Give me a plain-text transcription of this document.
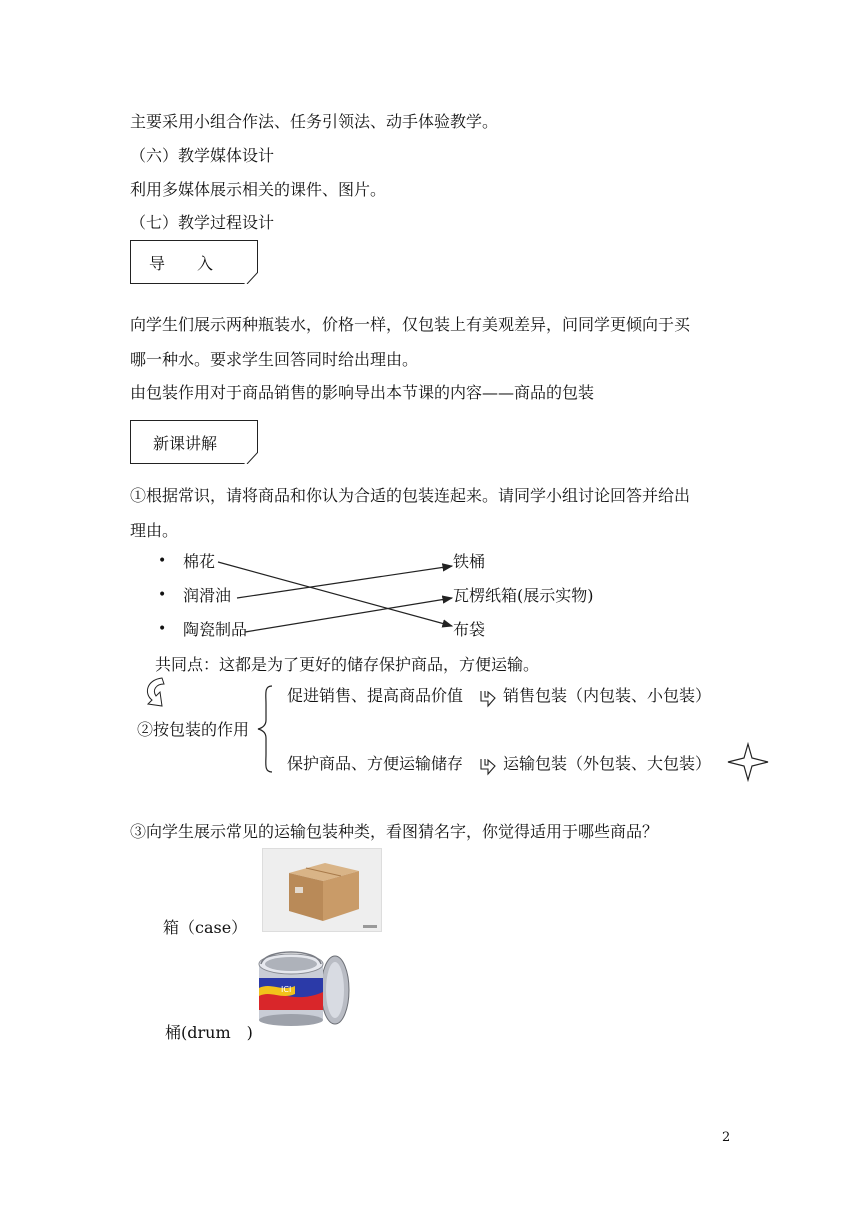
主要采用小组合作法、任务引领法、动手体验教学。
（六）教学媒体设计
利用多媒体展示相关的课件、图片。
（七）教学过程设计
导　　入
向学生们展示两种瓶装水，价格一样，仅包装上有美观差异，问同学更倾向于买
哪一种水。要求学生回答同时给出理由。
由包装作用对于商品销售的影响导出本节课的内容——商品的包装
新课讲解
①根据常识，请将商品和你认为合适的包装连起来。请同学小组讨论回答并给出
理由。
•
•
•
棉花
润滑油
陶瓷制品
铁桶
瓦楞纸箱(展示实物)
布袋
共同点：这都是为了更好的储存保护商品，方便运输。
②按包装的作用
促进销售、提高商品价值 销售包装（内包装、小包装）
保护商品、方便运输储存 运输包装（外包装、大包装）
③向学生展示常见的运输包装种类，看图猜名字，你觉得适用于哪些商品？
箱（case）
ICI
桶(drum　)
2
